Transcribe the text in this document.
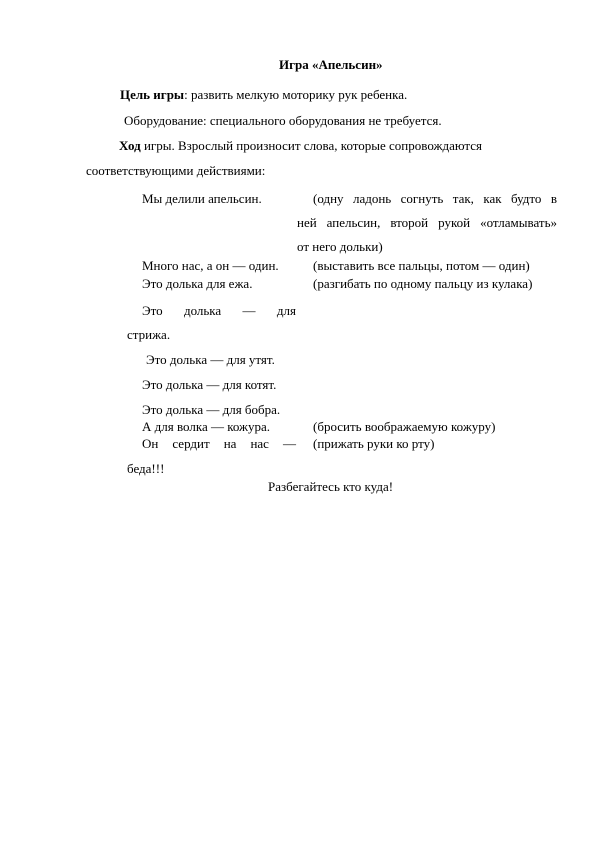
Игра «Апельсин»
Цель игры: развить мелкую моторику рук ребенка.
Оборудование: специального оборудования не требуется.
Ход игры. Взрослый произносит слова, которые сопровождаются
соответствующими действиями:
Мы делили апельсин.	(одну ладонь согнуть так, как будто в
ней апельсин, второй рукой «отламывать»
от него дольки)
Много нас, а он — один.	(выставить все пальцы, потом — один)
Это долька для ежа.	(разгибать по одному пальцу из кулака)
Это долька — для
стрижа.
Это долька — для утят.
Это долька — для котят.
Это долька — для бобра.
А для волка — кожура.	(бросить воображаемую кожуру)
Он сердит на нас — (прижать руки ко рту)
беда!!!
Разбегайтесь кто куда!
